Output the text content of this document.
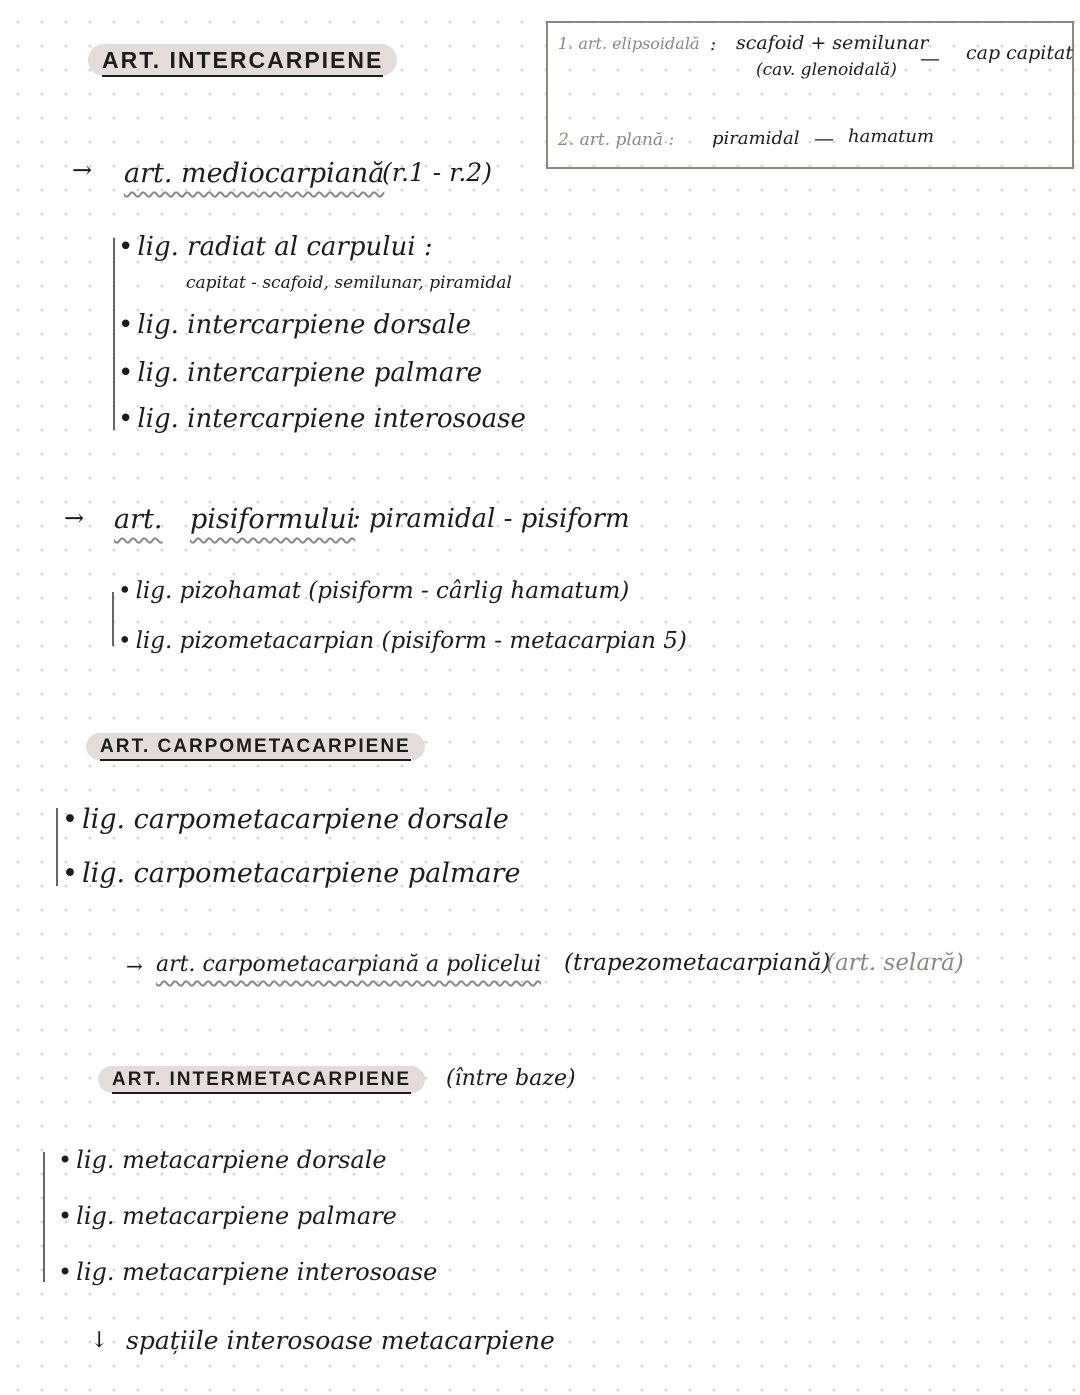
ART. INTERCARPIENE
1. art. elipsoidală : scafoid + semilunar
(cav. glenoidală) — cap capitat
2. art. plană : piramidal — hamatum
→ art. mediocarpiană
(r.1 - r.2)
• lig. radiat al carpului :
capitat - scafoid, semilunar, piramidal
• lig. intercarpiene dorsale
• lig. intercarpiene palmare
• lig. intercarpiene interosoase
→ art. pisiformului
: piramidal - pisiform
• lig. pizohamat (pisiform - cârlig hamatum)
• lig. pizometacarpian (pisiform - metacarpian 5)
ART. CARPOMETACARPIENE
• lig. carpometacarpiene dorsale
• lig. carpometacarpiene palmare
→ art. carpometacarpiană a policelui (trapezometacarpiană)
(art. selară)
ART. INTERMETACARPIENE	(între baze)
• lig. metacarpiene dorsale
• lig. metacarpiene palmare
• lig. metacarpiene interosoase
↓ spațiile interosoase metacarpiene
